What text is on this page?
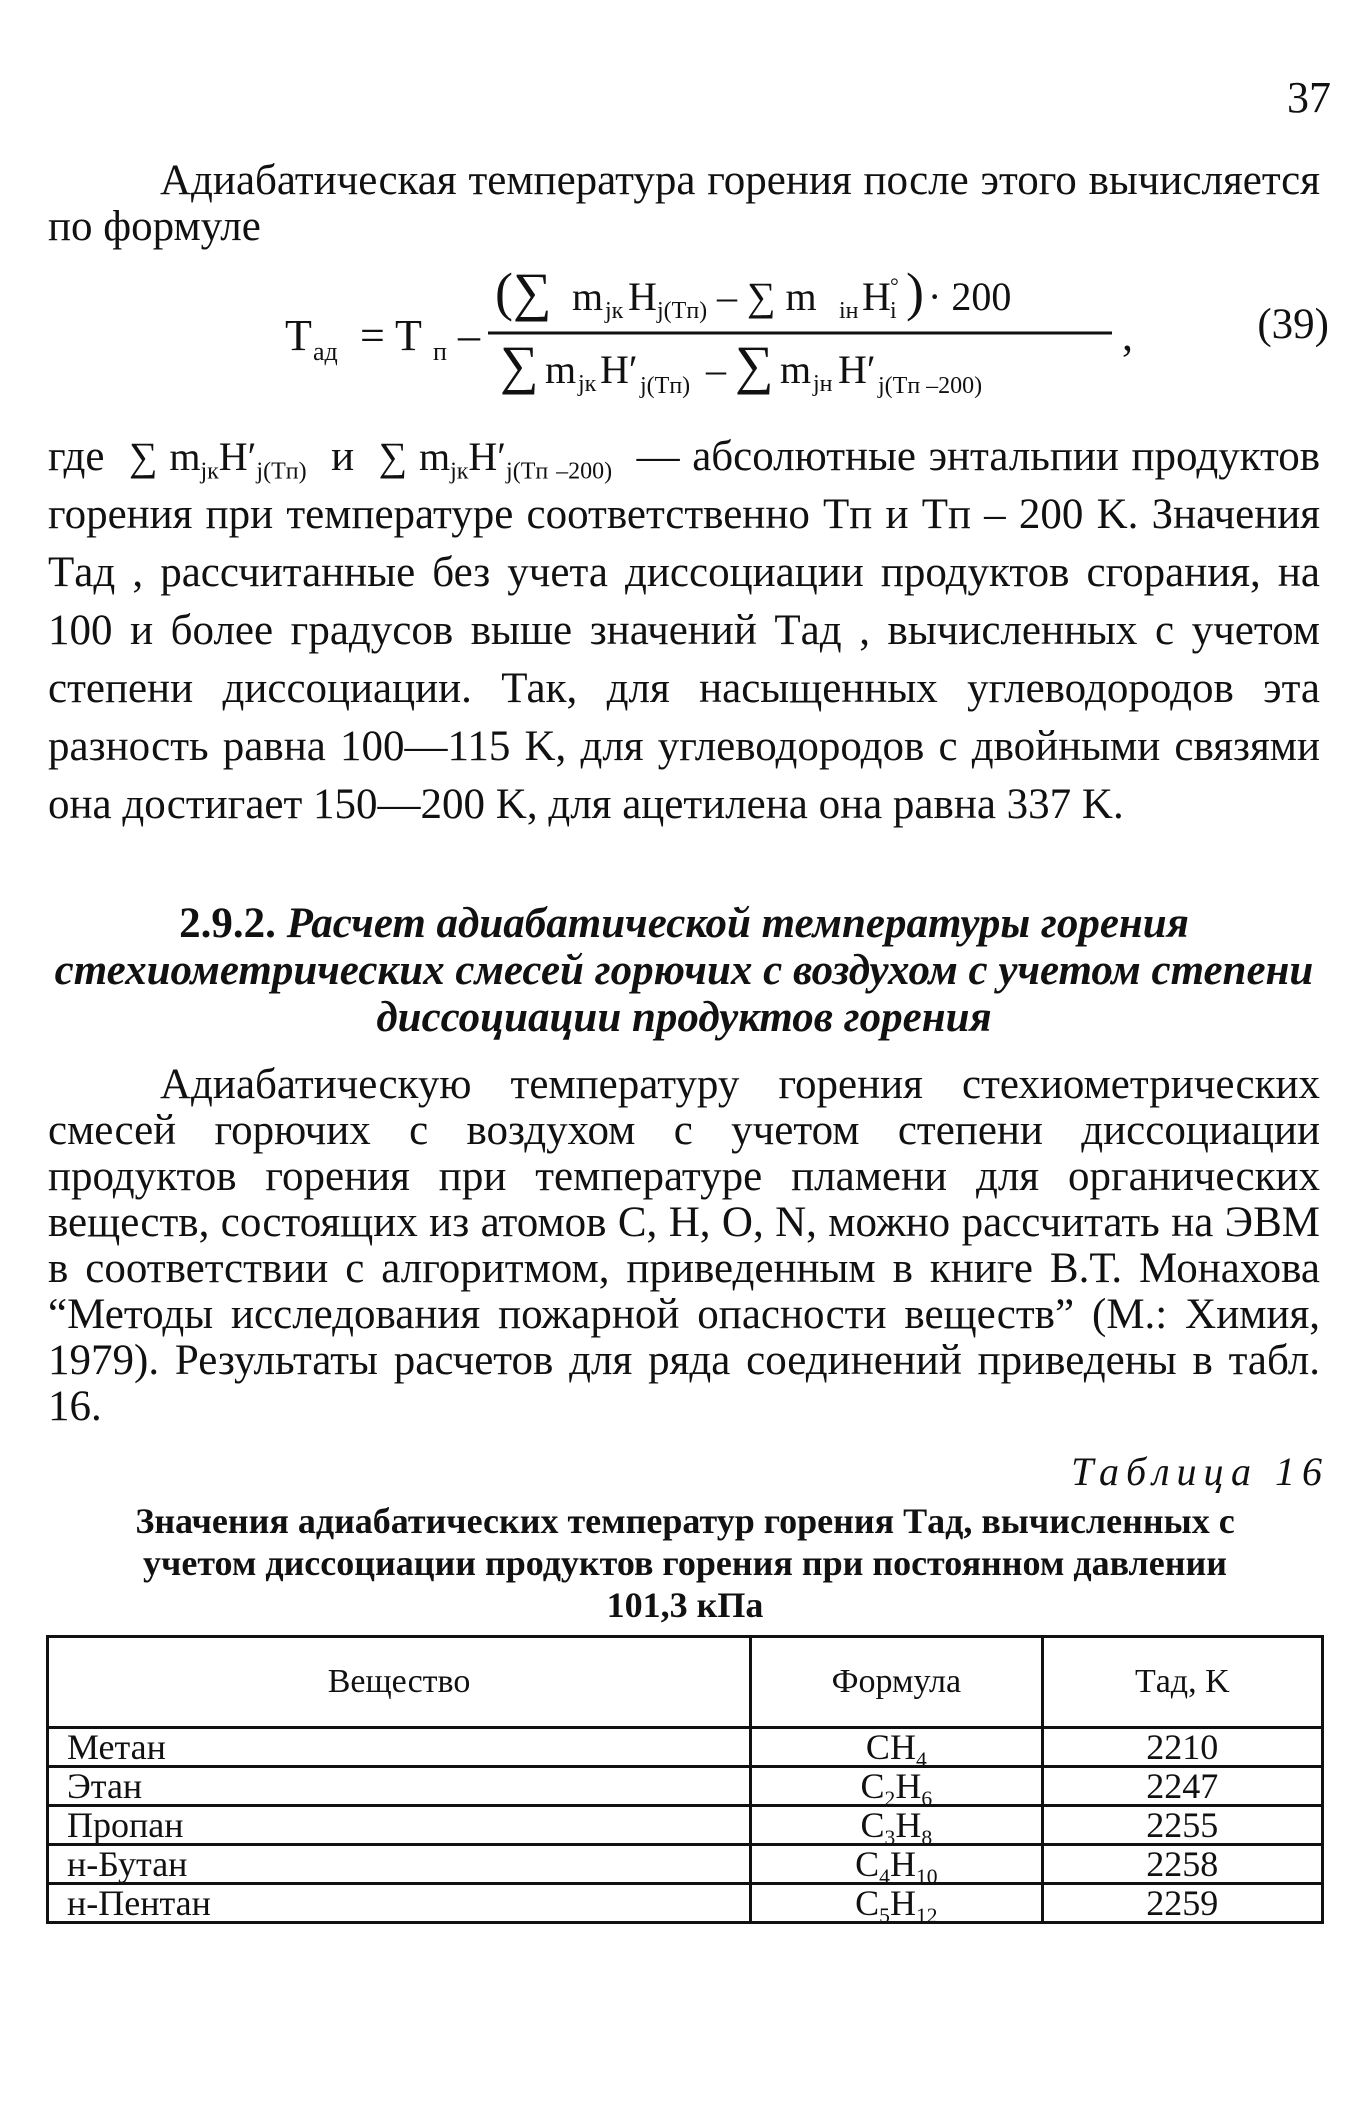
37
Адиабатическая температура горения после этого вычисляется по формуле
T ад = T п –
(∑ m jк H j(Tп) – ∑ m iн H °
i ) · 200
∑ m jк H′ j(Tп) – ∑ m jн H′ j(Tп –200)
,	(39)
где  ∑ $m_{jк}H'_{j(Tп)}$ и  ∑ $m_{jк}H'_{j(Tп -200)}$ — абсолютные энтальпии продуктов горения при температуре соответственно Tп и Tп – 200 K. Значения Tад , рассчитанные без учета диссоциации продуктов сгорания, на 100 и более градусов выше значений Tад , вычисленных с учетом степени диссоциации. Так, для насыщенных углеводородов эта разность равна 100—115 K, для углеводородов с двойными связями она достигает 150—200 K, для ацетилена она равна 337 K.
2.9.2. Расчет адиабатической температуры горения стехиометрических смесей горючих с воздухом с учетом степени диссоциации продуктов горения
Адиабатическую температуру горения стехиометрических смесей горючих с воздухом с учетом степени диссоциации продуктов горения при температуре пламени для органических веществ, состоящих из атомов C, H, O, N, можно рассчитать на ЭВМ в соответствии с алгоритмом, приведенным в книге В.Т. Монахова “Методы исследования пожарной опасности веществ” (М.: Химия, 1979). Результаты расчетов для ряда соединений приведены в табл. 16.
Таблица 16
Значения адиабатических температур горения Tад, вычисленных с учетом диссоциации продуктов горения при постоянном давлении 101,3 кПа
Вещество	Формула	Tад, K
Метан	$CH_4$	2210
Этан	$C_2H_6$	2247
Пропан	$C_3H_8$	2255
н-Бутан	$C_4H_{10}$	2258
н-Пентан	$C_5H_{12}$	2259
